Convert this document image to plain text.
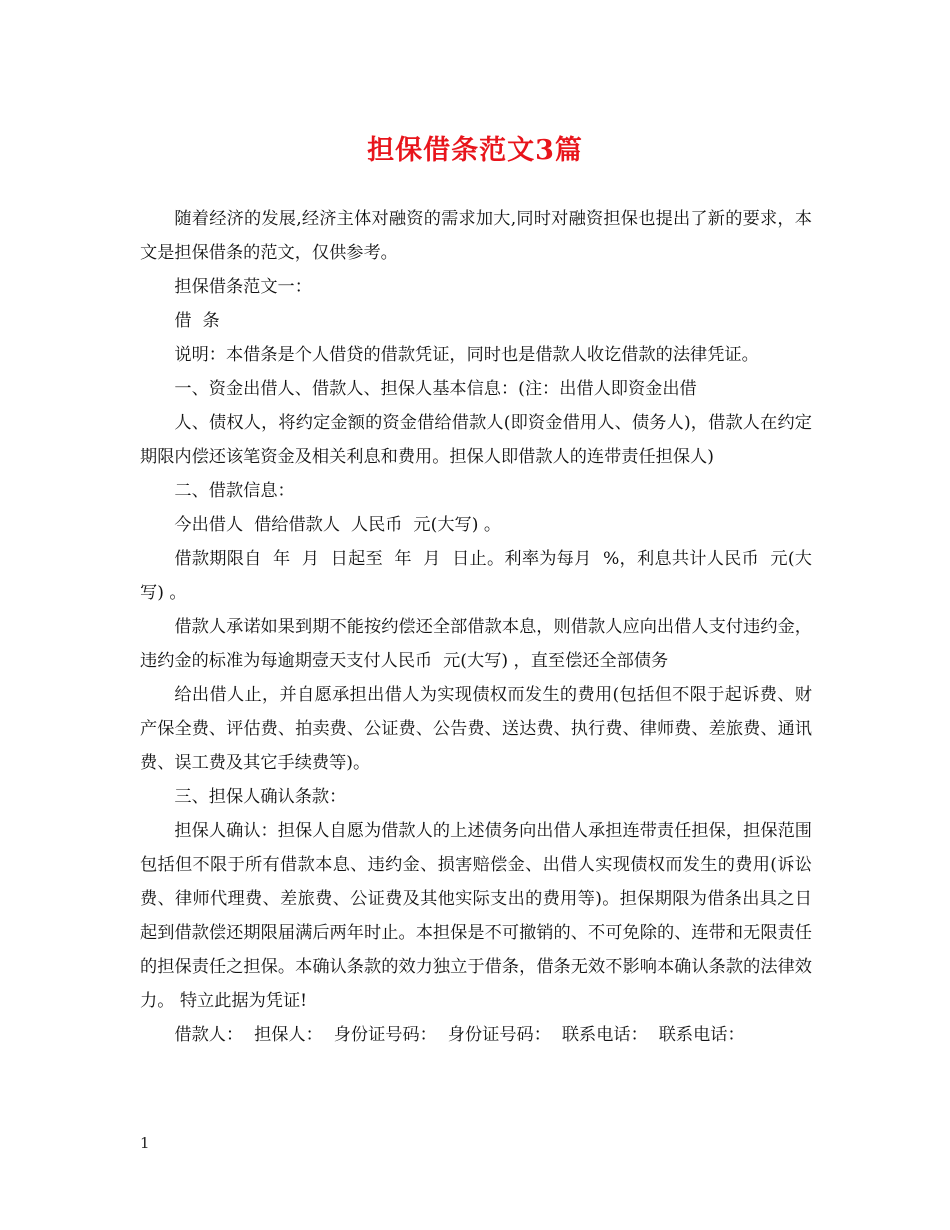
担保借条范文3篇

随着经济的发展,经济主体对融资的需求加大,同时对融资担保也提出了新的要求，本文是担保借条的范文，仅供参考。

担保借条范文一：

借  条

说明：本借条是个人借贷的借款凭证，同时也是借款人收讫借款的法律凭证。

一、资金出借人、借款人、担保人基本信息：(注：出借人即资金出借

人、债权人，将约定金额的资金借给借款人(即资金借用人、债务人)，借款人在约定期限内偿还该笔资金及相关利息和费用。担保人即借款人的连带责任担保人)

二、借款信息：

今出借人  借给借款人  人民币  元(大写) 。

借款期限自  年  月  日起至  年  月  日止。利率为每月  %，利息共计人民币  元(大写) 。

借款人承诺如果到期不能按约偿还全部借款本息，则借款人应向出借人支付违约金，违约金的标准为每逾期壹天支付人民币  元(大写) ，直至偿还全部债务

给出借人止，并自愿承担出借人为实现债权而发生的费用(包括但不限于起诉费、财产保全费、评估费、拍卖费、公证费、公告费、送达费、执行费、律师费、差旅费、通讯费、误工费及其它手续费等)。

三、担保人确认条款：

担保人确认：担保人自愿为借款人的上述债务向出借人承担连带责任担保，担保范围包括但不限于所有借款本息、违约金、损害赔偿金、出借人实现债权而发生的费用(诉讼费、律师代理费、差旅费、公证费及其他实际支出的费用等)。担保期限为借条出具之日起到借款偿还期限届满后两年时止。本担保是不可撤销的、不可免除的、连带和无限责任的担保责任之担保。本确认条款的效力独立于借条，借条无效不影响本确认条款的法律效力。 特立此据为凭证!

借款人：  担保人：  身份证号码：  身份证号码：  联系电话：  联系电话：

1
